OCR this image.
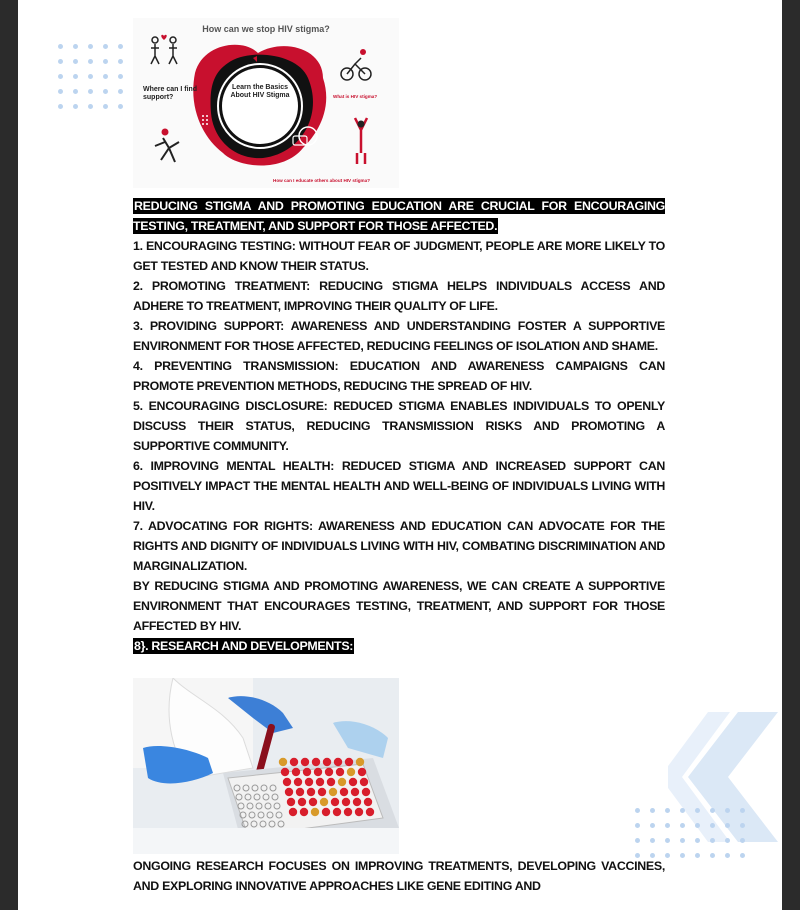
How can we stop HIV stigma?
Learn the Basics About HIV Stigma
Where can I find support?	What is HIV stigma?
How can I educate others about HIV stigma?

REDUCING STIGMA AND PROMOTING EDUCATION ARE CRUCIAL FOR ENCOURAGING TESTING, TREATMENT, AND SUPPORT FOR THOSE AFFECTED.

1. ENCOURAGING TESTING: WITHOUT FEAR OF JUDGMENT, PEOPLE ARE MORE LIKELY TO GET TESTED AND KNOW THEIR STATUS.

2. PROMOTING TREATMENT: REDUCING STIGMA HELPS INDIVIDUALS ACCESS AND ADHERE TO TREATMENT, IMPROVING THEIR QUALITY OF LIFE.

3. PROVIDING SUPPORT: AWARENESS AND UNDERSTANDING FOSTER A SUPPORTIVE ENVIRONMENT FOR THOSE AFFECTED, REDUCING FEELINGS OF ISOLATION AND SHAME.

4. PREVENTING TRANSMISSION: EDUCATION AND AWARENESS CAMPAIGNS CAN PROMOTE PREVENTION METHODS, REDUCING THE SPREAD OF HIV.

5. ENCOURAGING DISCLOSURE: REDUCED STIGMA ENABLES INDIVIDUALS TO OPENLY DISCUSS THEIR STATUS, REDUCING TRANSMISSION RISKS AND PROMOTING A SUPPORTIVE COMMUNITY.

6. IMPROVING MENTAL HEALTH: REDUCED STIGMA AND INCREASED SUPPORT CAN POSITIVELY IMPACT THE MENTAL HEALTH AND WELL-BEING OF INDIVIDUALS LIVING WITH HIV.

7. ADVOCATING FOR RIGHTS: AWARENESS AND EDUCATION CAN ADVOCATE FOR THE RIGHTS AND DIGNITY OF INDIVIDUALS LIVING WITH HIV, COMBATING DISCRIMINATION AND MARGINALIZATION.

BY REDUCING STIGMA AND PROMOTING AWARENESS, WE CAN CREATE A SUPPORTIVE ENVIRONMENT THAT ENCOURAGES TESTING, TREATMENT, AND SUPPORT FOR THOSE AFFECTED BY HIV.

8}. RESEARCH AND DEVELOPMENTS:

ONGOING RESEARCH FOCUSES ON IMPROVING TREATMENTS, DEVELOPING VACCINES, AND EXPLORING INNOVATIVE APPROACHES LIKE GENE EDITING AND
